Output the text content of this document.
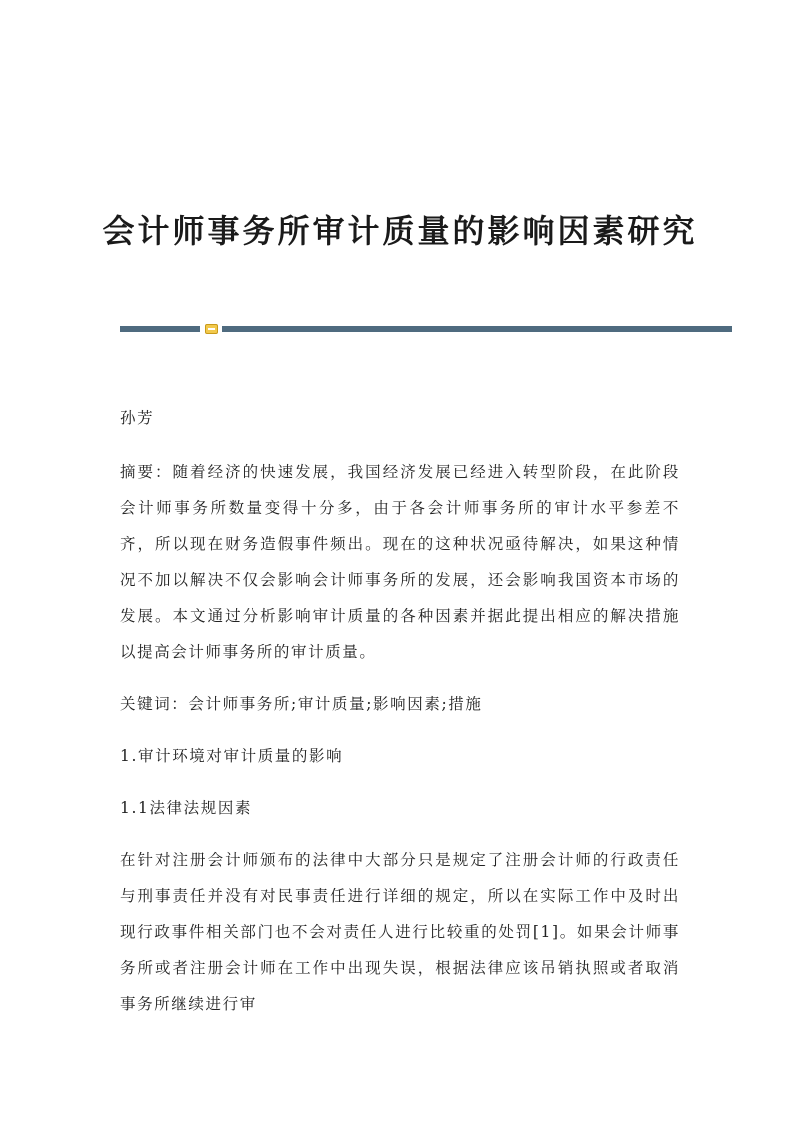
会计师事务所审计质量的影响因素研究

孙芳

摘要：随着经济的快速发展，我国经济发展已经进入转型阶段，在此阶段会计师事务所数量变得十分多，由于各会计师事务所的审计水平参差不齐，所以现在财务造假事件频出。现在的这种状况亟待解决，如果这种情况不加以解决不仅会影响会计师事务所的发展，还会影响我国资本市场的发展。本文通过分析影响审计质量的各种因素并据此提出相应的解决措施以提高会计师事务所的审计质量。

关键词：会计师事务所;审计质量;影响因素;措施

1.审计环境对审计质量的影响

1.1法律法规因素

在针对注册会计师颁布的法律中大部分只是规定了注册会计师的行政责任与刑事责任并没有对民事责任进行详细的规定，所以在实际工作中及时出现行政事件相关部门也不会对责任人进行比较重的处罚[1]。如果会计师事务所或者注册会计师在工作中出现失误，根据法律应该吊销执照或者取消事务所继续进行审
